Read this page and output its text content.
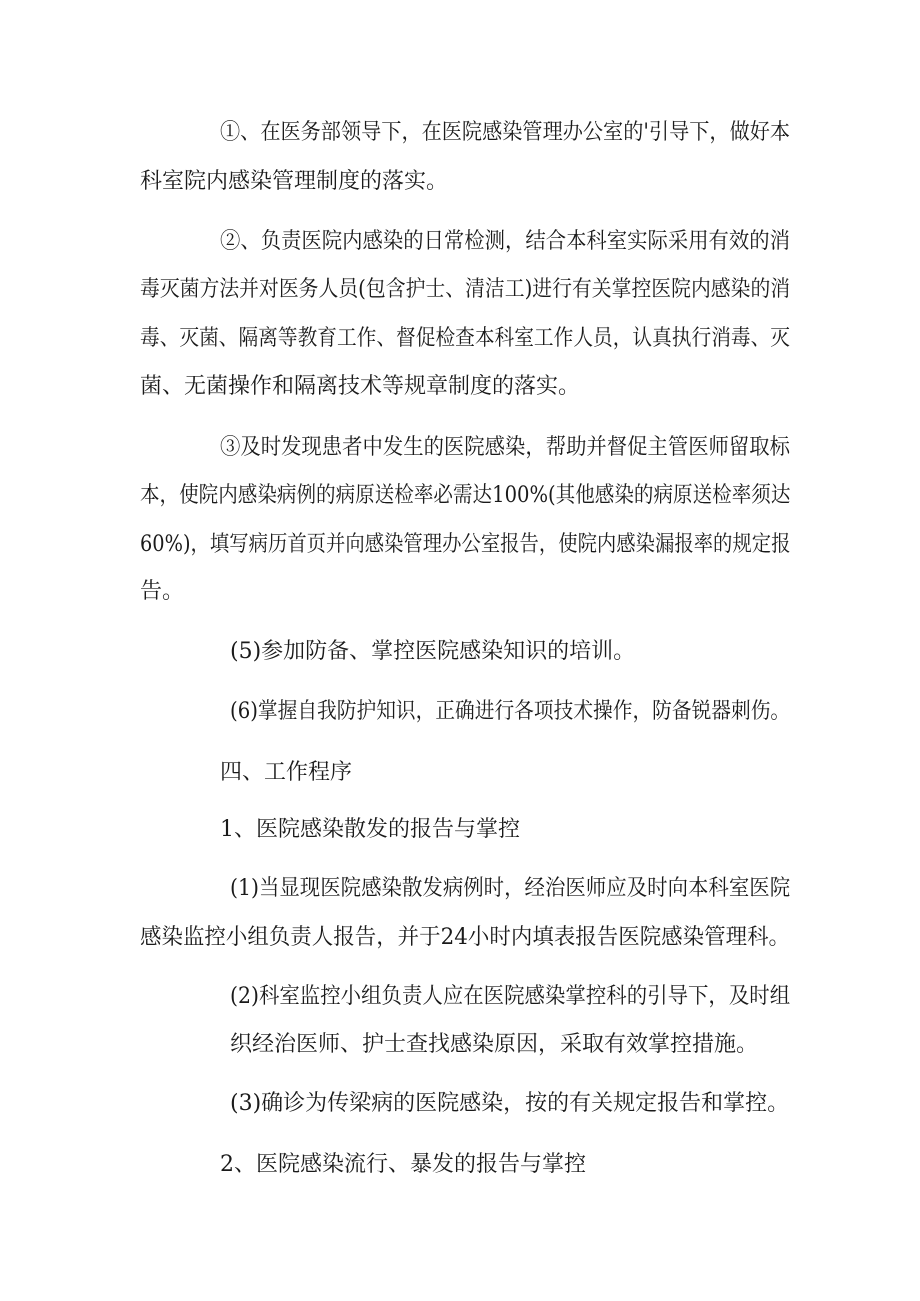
①、在医务部领导下，在医院感染管理办公室的'引导下，做好本
科室院内感染管理制度的落实。
②、负责医院内感染的日常检测，结合本科室实际采用有效的消
毒灭菌方法并对医务人员(包含护士、清洁工)进行有关掌控医院内感染的消
毒、灭菌、隔离等教育工作、督促检查本科室工作人员，认真执行消毒、灭
菌、无菌操作和隔离技术等规章制度的落实。
③及时发现患者中发生的医院感染，帮助并督促主管医师留取标
本，使院内感染病例的病原送检率必需达100%(其他感染的病原送检率须达
60%)，填写病历首页并向感染管理办公室报告，使院内感染漏报率的规定报
告。
(5)参加防备、掌控医院感染知识的培训。
(6)掌握自我防护知识，正确进行各项技术操作，防备锐器刺伤。
四、工作程序
1、医院感染散发的报告与掌控
(1)当显现医院感染散发病例时，经治医师应及时向本科室医院
感染监控小组负责人报告，并于24小时内填表报告医院感染管理科。
(2)科室监控小组负责人应在医院感染掌控科的引导下，及时组
织经治医师、护士查找感染原因，采取有效掌控措施。
(3)确诊为传梁病的医院感染，按的有关规定报告和掌控。
2、医院感染流行、暴发的报告与掌控
